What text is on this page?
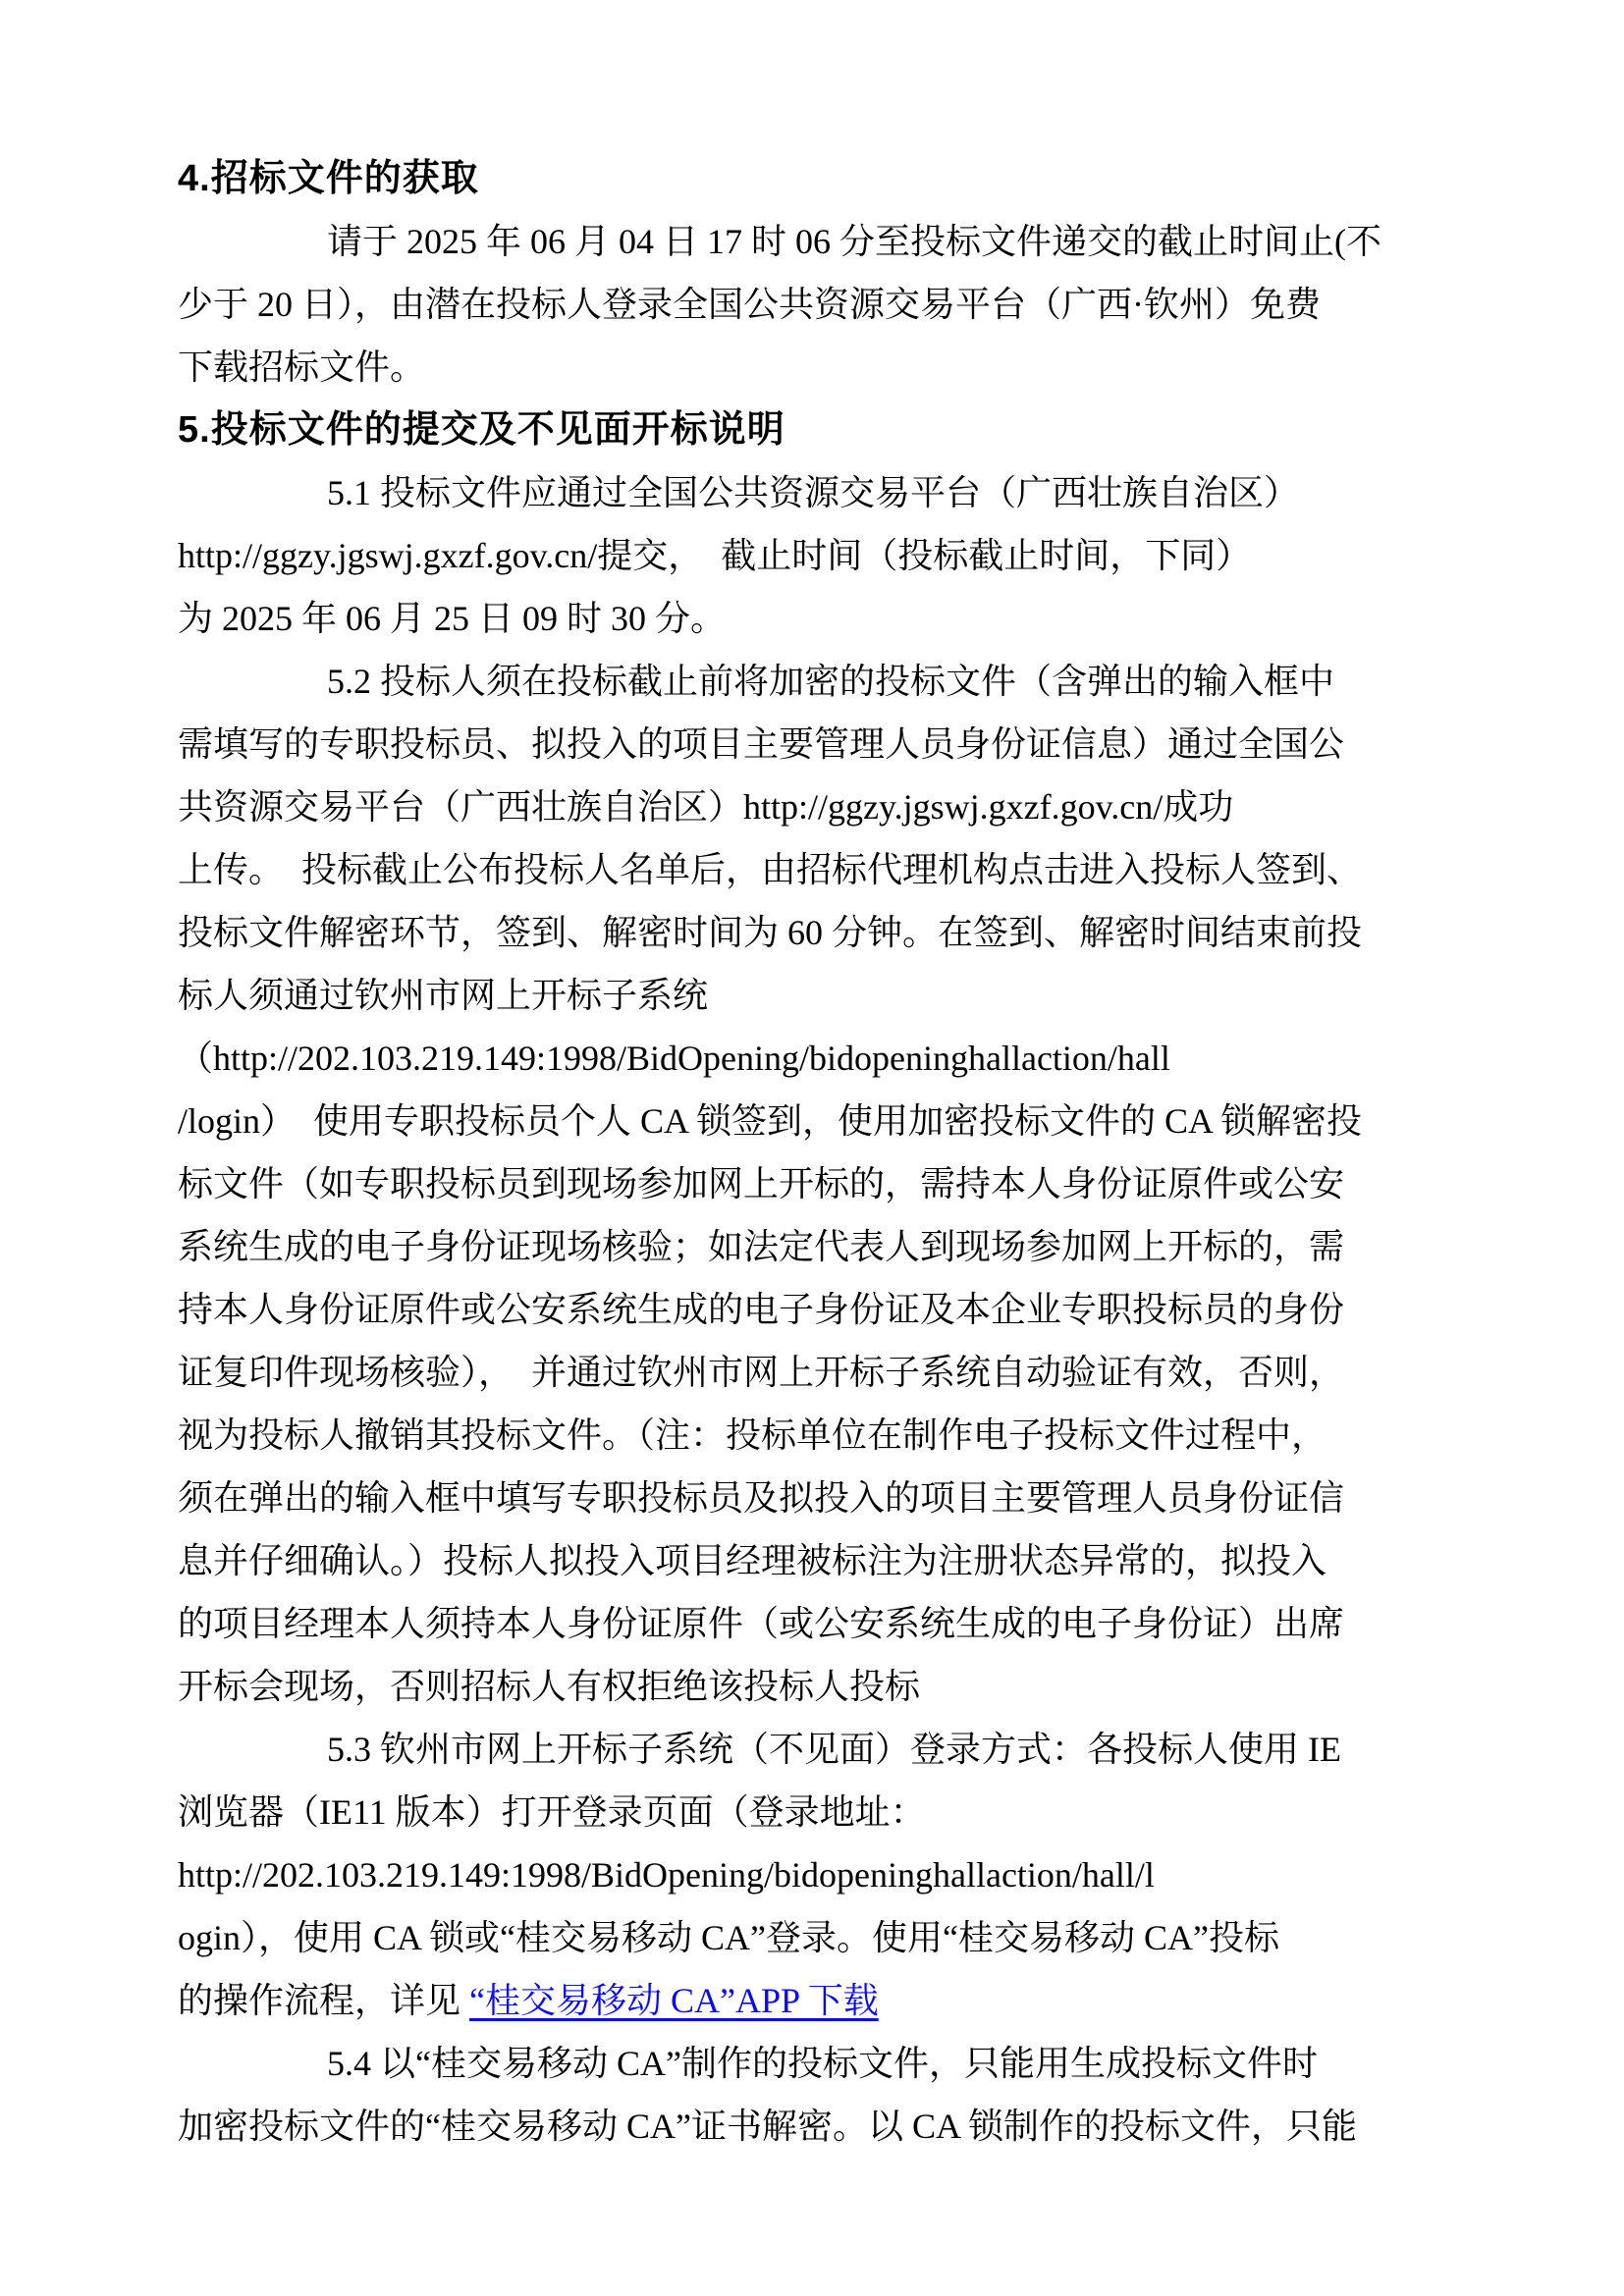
4.招标文件的获取
请于 2025 年 06 月 04 日 17 时 06 分至投标文件递交的截止时间止(不
少于 20 日），由潜在投标人登录全国公共资源交易平台（广西·钦州）免费
下载招标文件。
5.投标文件的提交及不见面开标说明
5.1 投标文件应通过全国公共资源交易平台（广西壮族自治区）
http://ggzy.jgswj.gxzf.gov.cn/提交，　截止时间（投标截止时间，下同）
为 2025 年 06 月 25 日 09 时 30 分。
5.2 投标人须在投标截止前将加密的投标文件（含弹出的输入框中
需填写的专职投标员、拟投入的项目主要管理人员身份证信息）通过全国公
共资源交易平台（广西壮族自治区）http://ggzy.jgswj.gxzf.gov.cn/成功
上传。　投标截止公布投标人名单后，由招标代理机构点击进入投标人签到、
投标文件解密环节，签到、解密时间为 60 分钟。在签到、解密时间结束前投
标人须通过钦州市网上开标子系统
（http://202.103.219.149:1998/BidOpening/bidopeninghallaction/hall
/login）　使用专职投标员个人 CA 锁签到，使用加密投标文件的 CA 锁解密投
标文件（如专职投标员到现场参加网上开标的，需持本人身份证原件或公安
系统生成的电子身份证现场核验；如法定代表人到现场参加网上开标的，需
持本人身份证原件或公安系统生成的电子身份证及本企业专职投标员的身份
证复印件现场核验），　并通过钦州市网上开标子系统自动验证有效，否则，
视为投标人撤销其投标文件。（注：投标单位在制作电子投标文件过程中，
须在弹出的输入框中填写专职投标员及拟投入的项目主要管理人员身份证信
息并仔细确认。）投标人拟投入项目经理被标注为注册状态异常的，拟投入
的项目经理本人须持本人身份证原件（或公安系统生成的电子身份证）出席
开标会现场，否则招标人有权拒绝该投标人投标
5.3 钦州市网上开标子系统（不见面）登录方式：各投标人使用 IE
浏览器（IE11 版本）打开登录页面（登录地址：
http://202.103.219.149:1998/BidOpening/bidopeninghallaction/hall/l
ogin），使用 CA 锁或“桂交易移动 CA”登录。使用“桂交易移动 CA”投标
的操作流程，详见 “桂交易移动 CA”APP 下载
5.4 以“桂交易移动 CA”制作的投标文件，只能用生成投标文件时
加密投标文件的“桂交易移动 CA”证书解密。以 CA 锁制作的投标文件，只能
